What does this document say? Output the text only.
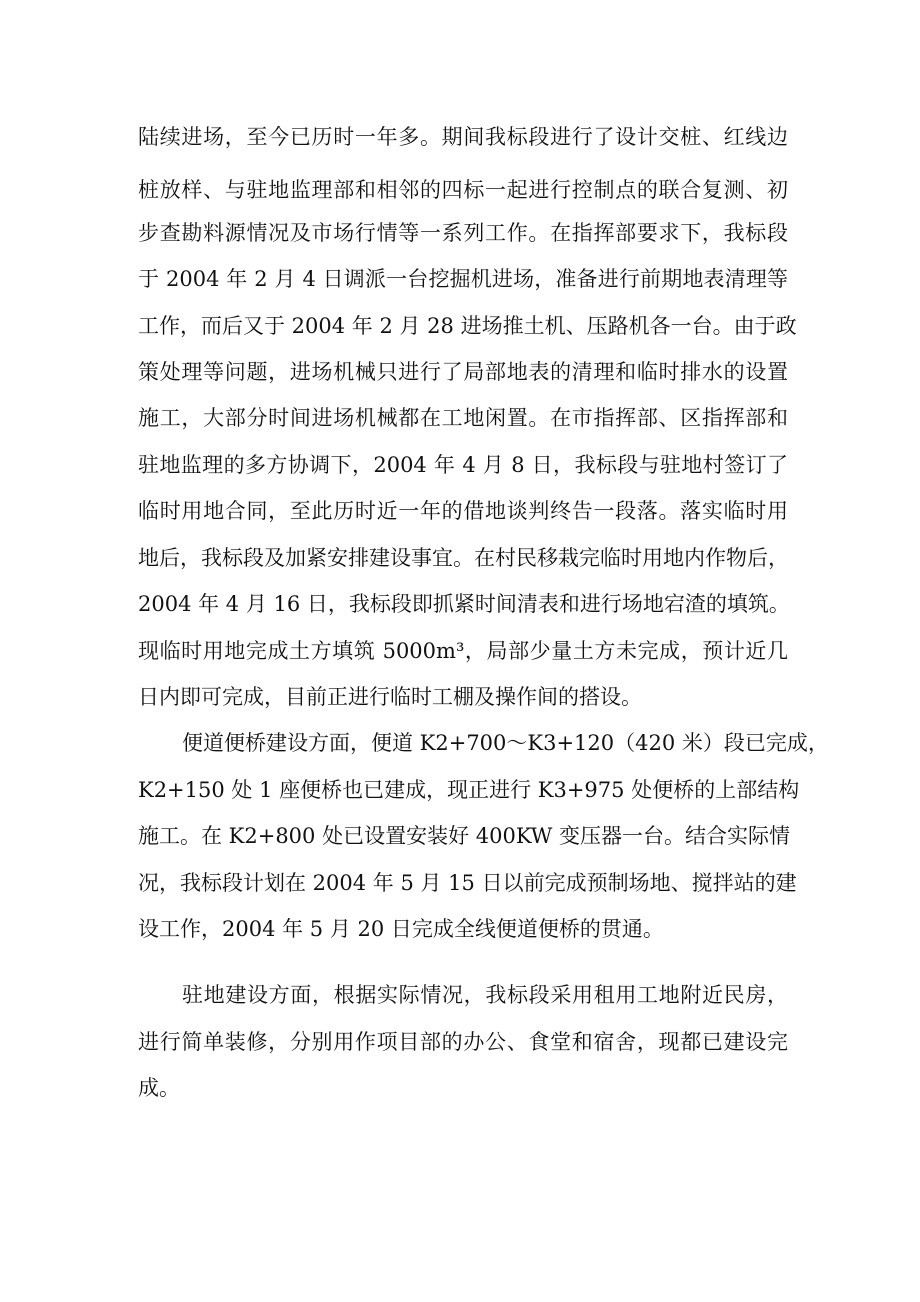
陆续进场，至今已历时一年多。期间我标段进行了设计交桩、红线边
桩放样、与驻地监理部和相邻的四标一起进行控制点的联合复测、初
步查勘料源情况及市场行情等一系列工作。在指挥部要求下，我标段
于 2004 年 2 月 4 日调派一台挖掘机进场，准备进行前期地表清理等
工作，而后又于 2004 年 2 月 28 进场推土机、压路机各一台。由于政
策处理等问题，进场机械只进行了局部地表的清理和临时排水的设置
施工，大部分时间进场机械都在工地闲置。在市指挥部、区指挥部和
驻地监理的多方协调下，2004 年 4 月 8 日，我标段与驻地村签订了
临时用地合同，至此历时近一年的借地谈判终告一段落。落实临时用
地后，我标段及加紧安排建设事宜。在村民移栽完临时用地内作物后，
2004 年 4 月 16 日，我标段即抓紧时间清表和进行场地宕渣的填筑。
现临时用地完成土方填筑 5000m³，局部少量土方未完成，预计近几
日内即可完成，目前正进行临时工棚及操作间的搭设。
便道便桥建设方面，便道 K2+700～K3+120（420 米）段已完成，
K2+150 处 1 座便桥也已建成，现正进行 K3+975 处便桥的上部结构
施工。在 K2+800 处已设置安装好 400KW 变压器一台。结合实际情
况，我标段计划在 2004 年 5 月 15 日以前完成预制场地、搅拌站的建
设工作，2004 年 5 月 20 日完成全线便道便桥的贯通。
驻地建设方面，根据实际情况，我标段采用租用工地附近民房，
进行简单装修，分别用作项目部的办公、食堂和宿舍，现都已建设完
成。
